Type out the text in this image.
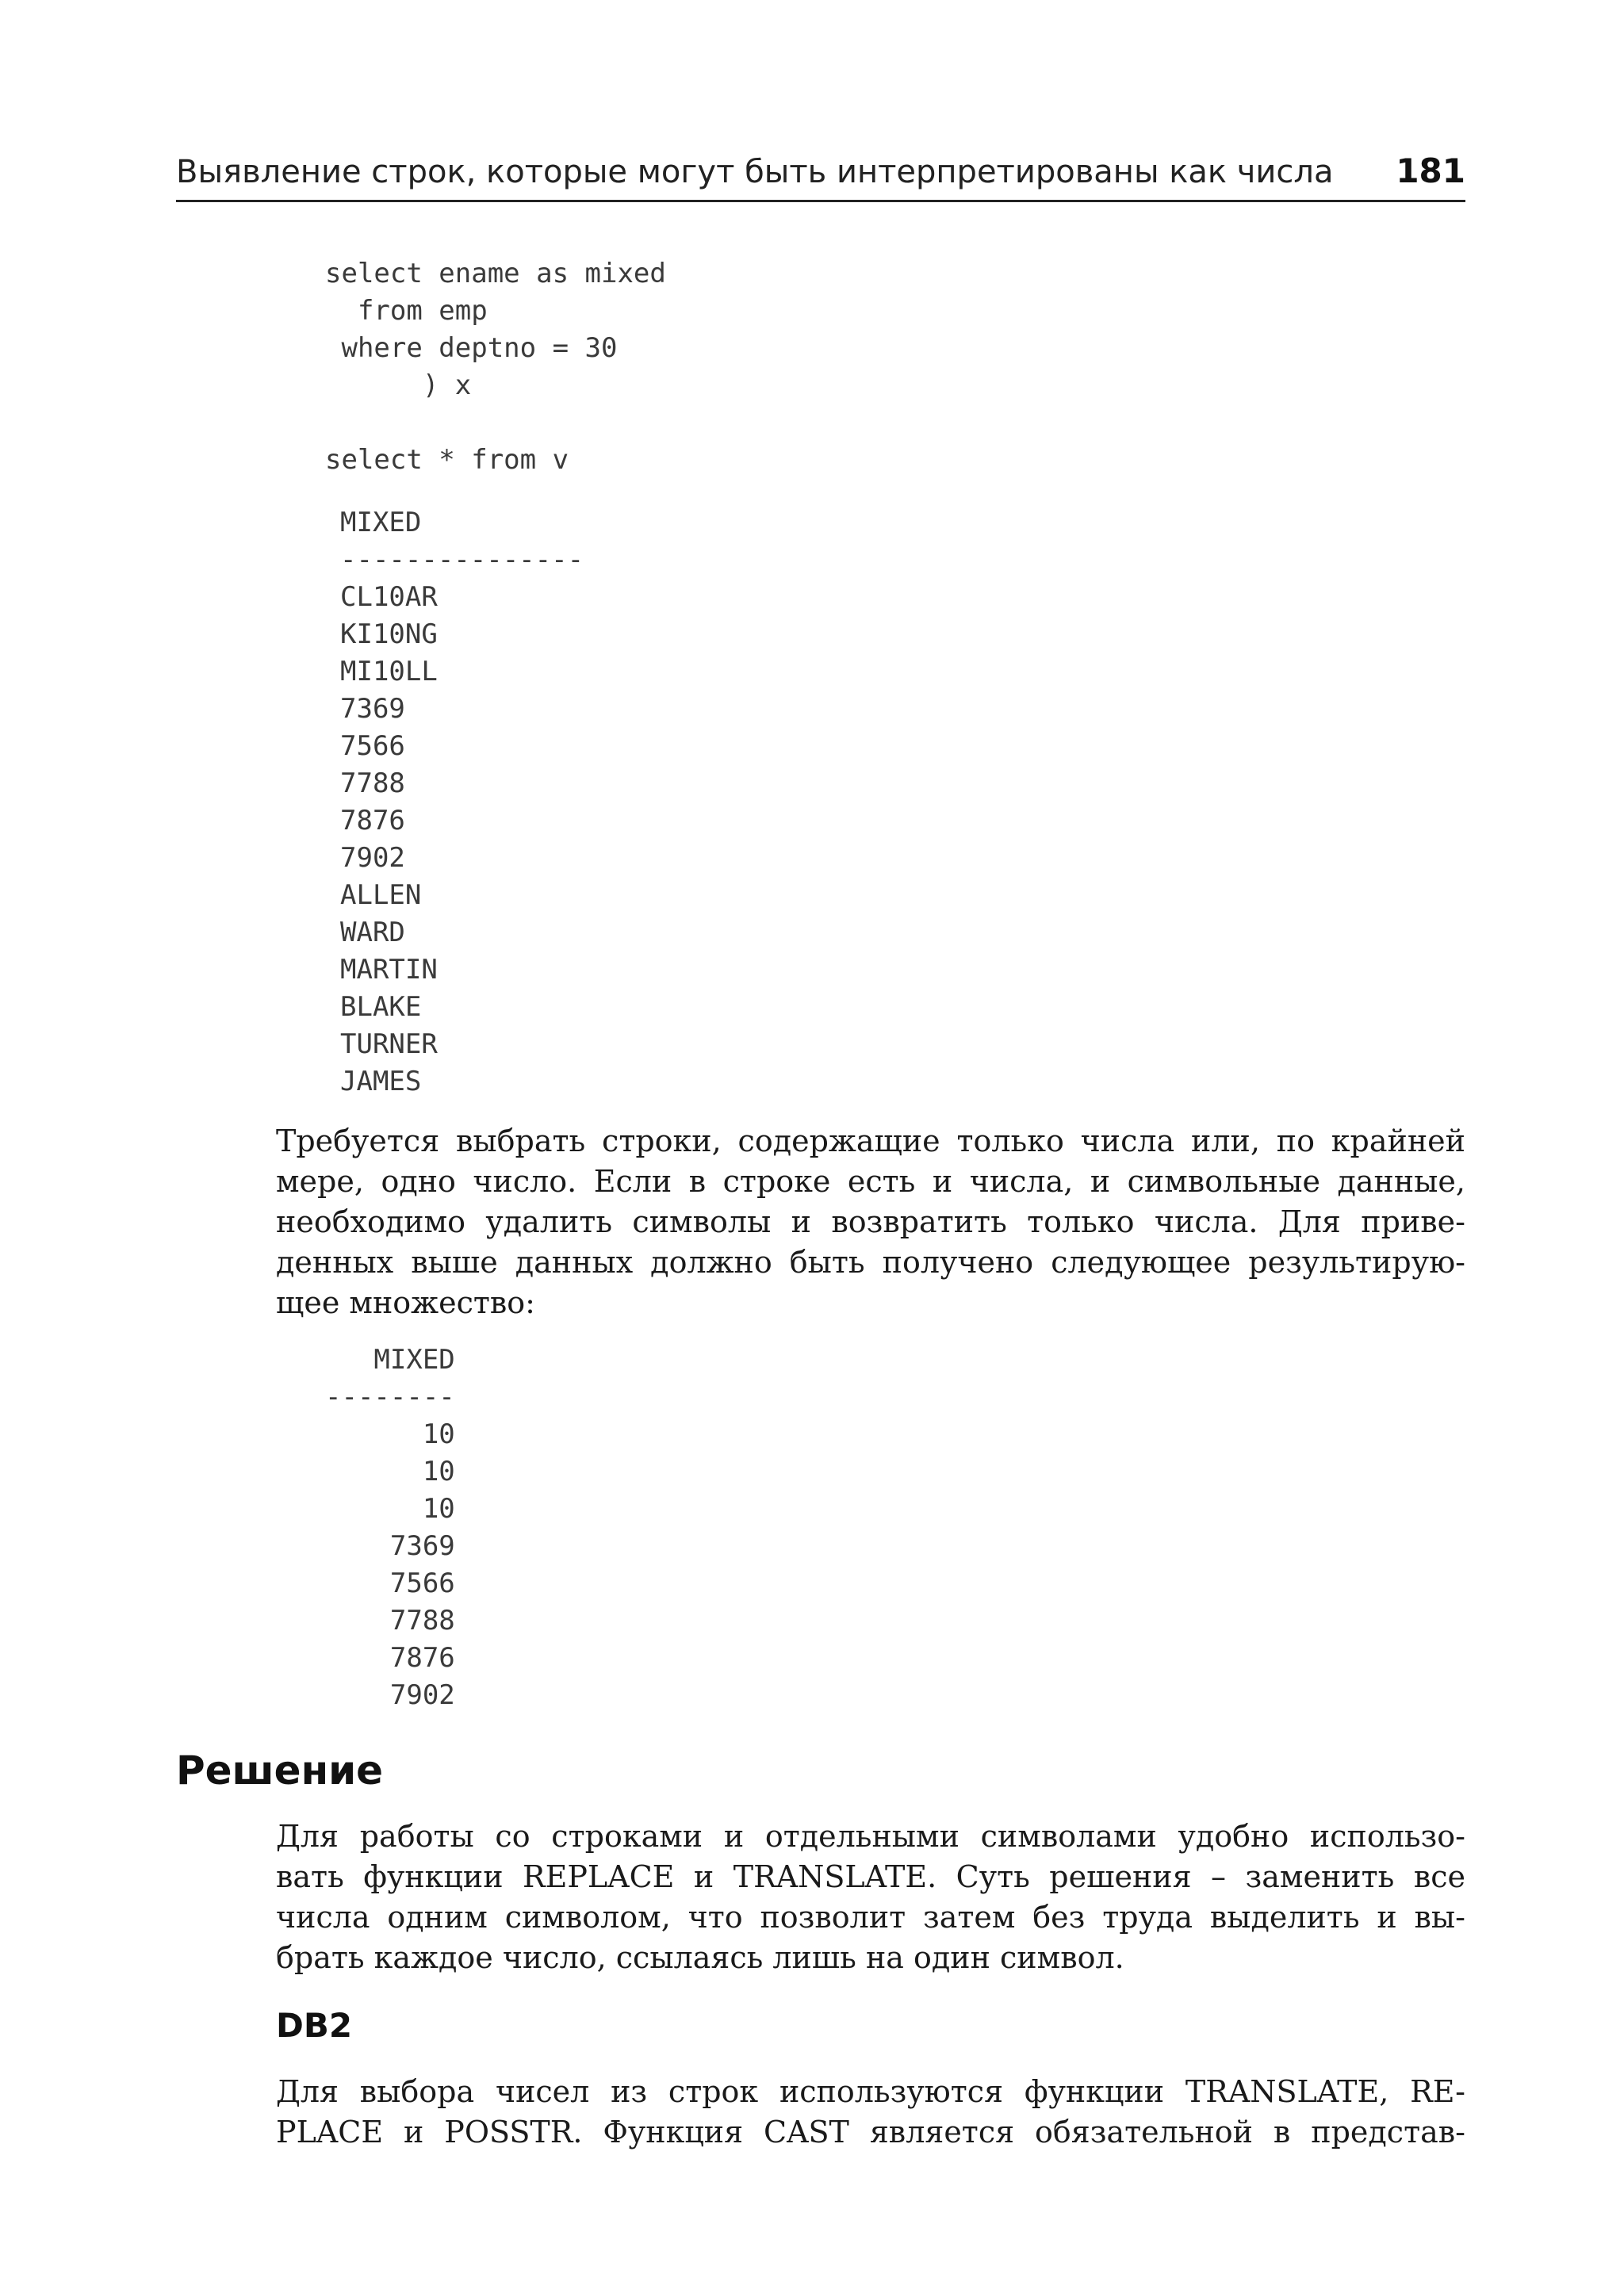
Выявление строк, которые могут быть интерпретированы как числа 181
select ename as mixed
from emp
where deptno = 30
) x

select * from v
MIXED
---------------
CL10AR
KI10NG
MI10LL
7369
7566
7788
7876
7902
ALLEN
WARD
MARTIN
BLAKE
TURNER
JAMES

Требуется выбрать строки, содержащие только числа или, по крайней
мере, одно число. Если в строке есть и числа, и символьные данные,
необходимо удалить символы и возвратить только числа. Для приве-
денных выше данных должно быть получено следующее результирую-
щее множество:

MIXED
--------
10
10
10
7369
7566
7788
7876
7902
Решение

Для работы со строками и отдельными символами удобно использо-
вать функции REPLACE и TRANSLATE. Суть решения – заменить все
числа одним символом, что позволит затем без труда выделить и вы-
брать каждое число, ссылаясь лишь на один символ.

DB2

Для выбора чисел из строк используются функции TRANSLATE, RE-
PLACE и POSSTR. Функция CAST является обязательной в представ-
